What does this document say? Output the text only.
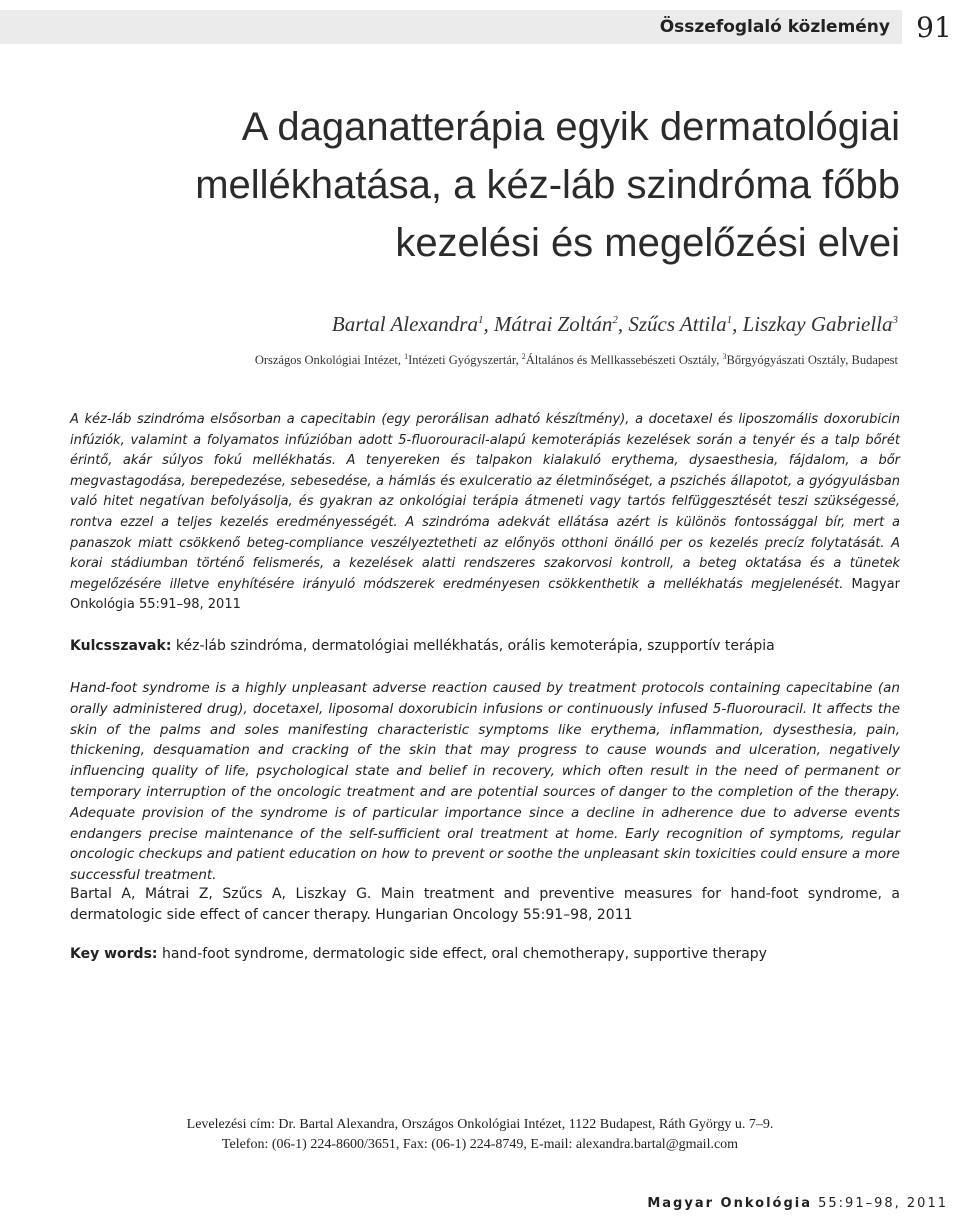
Összefoglaló közlemény 91
A daganatterápia egyik dermatológiai
mellékhatása, a kéz-láb szindróma főbb
kezelési és megelőzési elvei
Bartal Alexandra$^1$, Mátrai Zoltán$^2$, Szűcs Attila$^1$, Liszkay Gabriella$^3$
Országos Onkológiai Intézet, $^1$Intézeti Gyógyszertár, $^2$Általános és Mellkassebészeti Osztály, $^3$Bőrgyógyászati Osztály, Budapest

A kéz-láb szindróma elsősorban a capecitabin (egy perorálisan adható készítmény), a docetaxel és liposzomális doxorubicin infúziók, valamint a folyamatos infúzióban adott 5-fluorouracil-alapú kemoterápiás kezelések során a tenyér és a talp bőrét érintő, akár súlyos fokú mellékhatás. A tenyereken és talpakon kialakuló erythema, dysaesthesia, fájdalom, a bőr megvastagodása, berepedezése, sebesedése, a hámlás és exulceratio az életminőséget, a pszichés állapotot, a gyógyulásban való hitet negatívan befolyásolja, és gyakran az onkológiai terápia átmeneti vagy tartós felfüggesztését teszi szükségessé, rontva ezzel a teljes kezelés eredményességét. A szindróma adekvát ellátása azért is különös fontossággal bír, mert a panaszok miatt csökkenő beteg-compliance veszélyeztetheti az előnyös otthoni önálló per os kezelés precíz folytatását. A korai stádiumban történő felismerés, a kezelések alatti rendszeres szakorvosi kontroll, a beteg oktatása és a tünetek megelőzésére illetve enyhítésére irányuló módszerek eredményesen csökkenthetik a mellékhatás megjelenését. Magyar Onkológia 55:91–98, 2011

Kulcsszavak: kéz-láb szindróma, dermatológiai mellékhatás, orális kemoterápia, szupportív terápia

Hand-foot syndrome is a highly unpleasant adverse reaction caused by treatment protocols containing capecitabine (an orally administered drug), docetaxel, liposomal doxorubicin infusions or continuously infused 5-fluorouracil. It affects the skin of the palms and soles manifesting characteristic symptoms like erythema, inflammation, dysesthesia, pain, thickening, desquamation and cracking of the skin that may progress to cause wounds and ulceration, negatively influencing quality of life, psychological state and belief in recovery, which often result in the need of permanent or temporary interruption of the oncologic treatment and are potential sources of danger to the completion of the therapy. Adequate provision of the syndrome is of particular importance since a decline in adherence due to adverse events endangers precise maintenance of the self-sufficient oral treatment at home. Early recognition of symptoms, regular oncologic checkups and patient education on how to prevent or soothe the unpleasant skin toxicities could ensure a more successful treatment.

Bartal A, Mátrai Z, Szűcs A, Liszkay G. Main treatment and preventive measures for hand-foot syndrome, a dermatologic side effect of cancer therapy. Hungarian Oncology 55:91–98, 2011

Key words: hand-foot syndrome, dermatologic side effect, oral chemotherapy, supportive therapy

Levelezési cím: Dr. Bartal Alexandra, Országos Onkológiai Intézet, 1122 Budapest, Ráth György u. 7–9.
Telefon: (06-1) 224-8600/3651, Fax: (06-1) 224-8749, E-mail: alexandra.bartal@gmail.com
Magyar Onkológia 55:91–98, 2011
